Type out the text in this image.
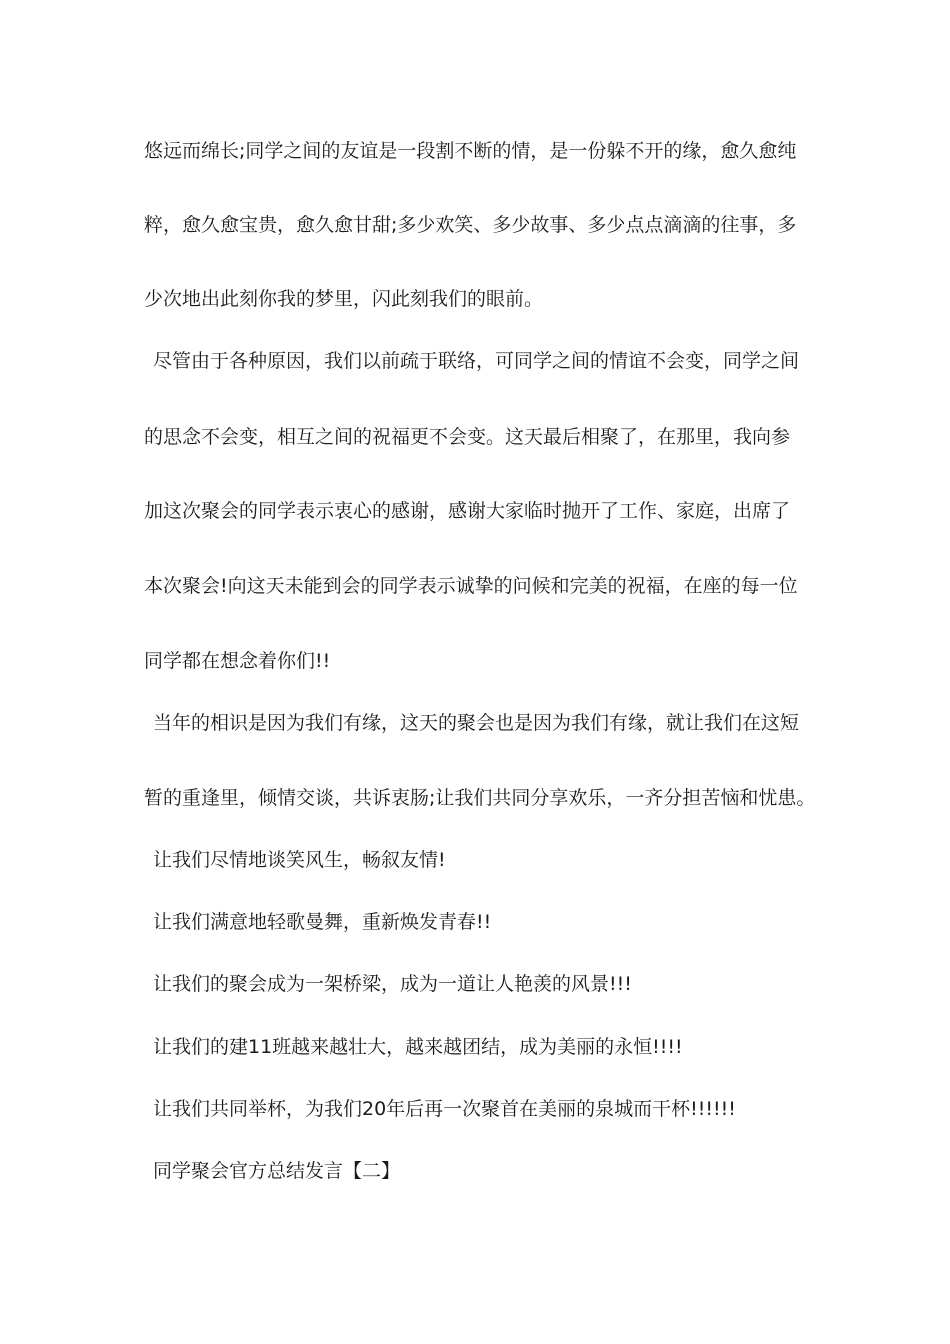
悠远而绵长;同学之间的友谊是一段割不断的情，是一份躲不开的缘，愈久愈纯
粹，愈久愈宝贵，愈久愈甘甜;多少欢笑、多少故事、多少点点滴滴的往事，多
少次地出此刻你我的梦里，闪此刻我们的眼前。
尽管由于各种原因，我们以前疏于联络，可同学之间的情谊不会变，同学之间
的思念不会变，相互之间的祝福更不会变。这天最后相聚了，在那里，我向参
加这次聚会的同学表示衷心的感谢，感谢大家临时抛开了工作、家庭，出席了
本次聚会!向这天未能到会的同学表示诚挚的问候和完美的祝福，在座的每一位
同学都在想念着你们!!
当年的相识是因为我们有缘，这天的聚会也是因为我们有缘，就让我们在这短
暂的重逢里，倾情交谈，共诉衷肠;让我们共同分享欢乐，一齐分担苦恼和忧患。
让我们尽情地谈笑风生，畅叙友情!
让我们满意地轻歌曼舞，重新焕发青春!!
让我们的聚会成为一架桥梁，成为一道让人艳羡的风景!!!
让我们的建11班越来越壮大，越来越团结，成为美丽的永恒!!!!
让我们共同举杯，为我们20年后再一次聚首在美丽的泉城而干杯!!!!!!
同学聚会官方总结发言【二】
